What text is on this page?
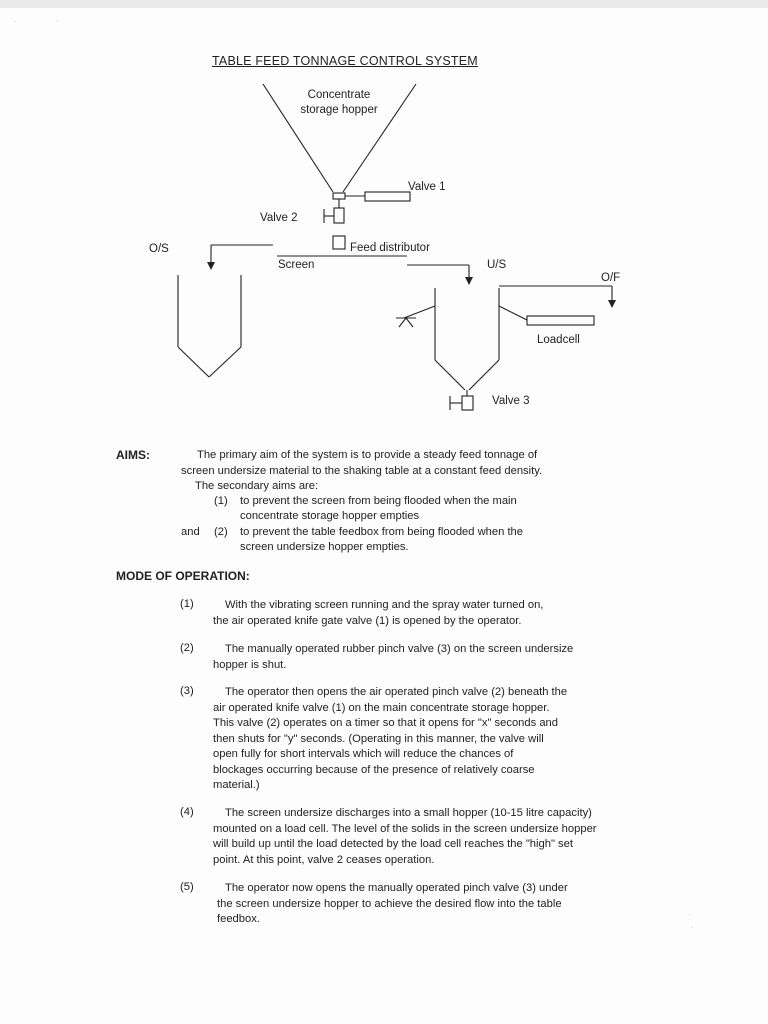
TABLE FEED TONNAGE CONTROL SYSTEM
Concentrate
storage hopper
Valve 1
Valve 2
O/S	Feed distributor
Screen	U/S
O/F
Loadcell
Valve 3
AIMS:	The primary aim of the system is to provide a steady feed tonnage of
screen undersize material to the shaking table at a constant feed density.
The secondary aims are:
(1) to prevent the screen from being flooded when the main
concentrate storage hopper empties
and (2) to prevent the table feedbox from being flooded when the
screen undersize hopper empties.
MODE OF OPERATION:
(1)	With the vibrating screen running and the spray water turned on,
the air operated knife gate valve (1) is opened by the operator.
(2)	The manually operated rubber pinch valve (3) on the screen undersize
hopper is shut.
(3)	The operator then opens the air operated pinch valve (2) beneath the
air operated knife valve (1) on the main concentrate storage hopper.
This valve (2) operates on a timer so that it opens for "x" seconds and
then shuts for "y" seconds. (Operating in this manner, the valve will
open fully for short intervals which will reduce the chances of
blockages occurring because of the presence of relatively coarse
material.)
(4)	The screen undersize discharges into a small hopper (10-15 litre capacity)
mounted on a load cell. The level of the solids in the screen undersize hopper
will build up until the load detected by the load cell reaches the "high" set
point. At this point, valve 2 ceases operation.
(5)	The operator now opens the manually operated pinch valve (3) under
the screen undersize hopper to achieve the desired flow into the table
feedbox.
˙	˙
˙
˙
